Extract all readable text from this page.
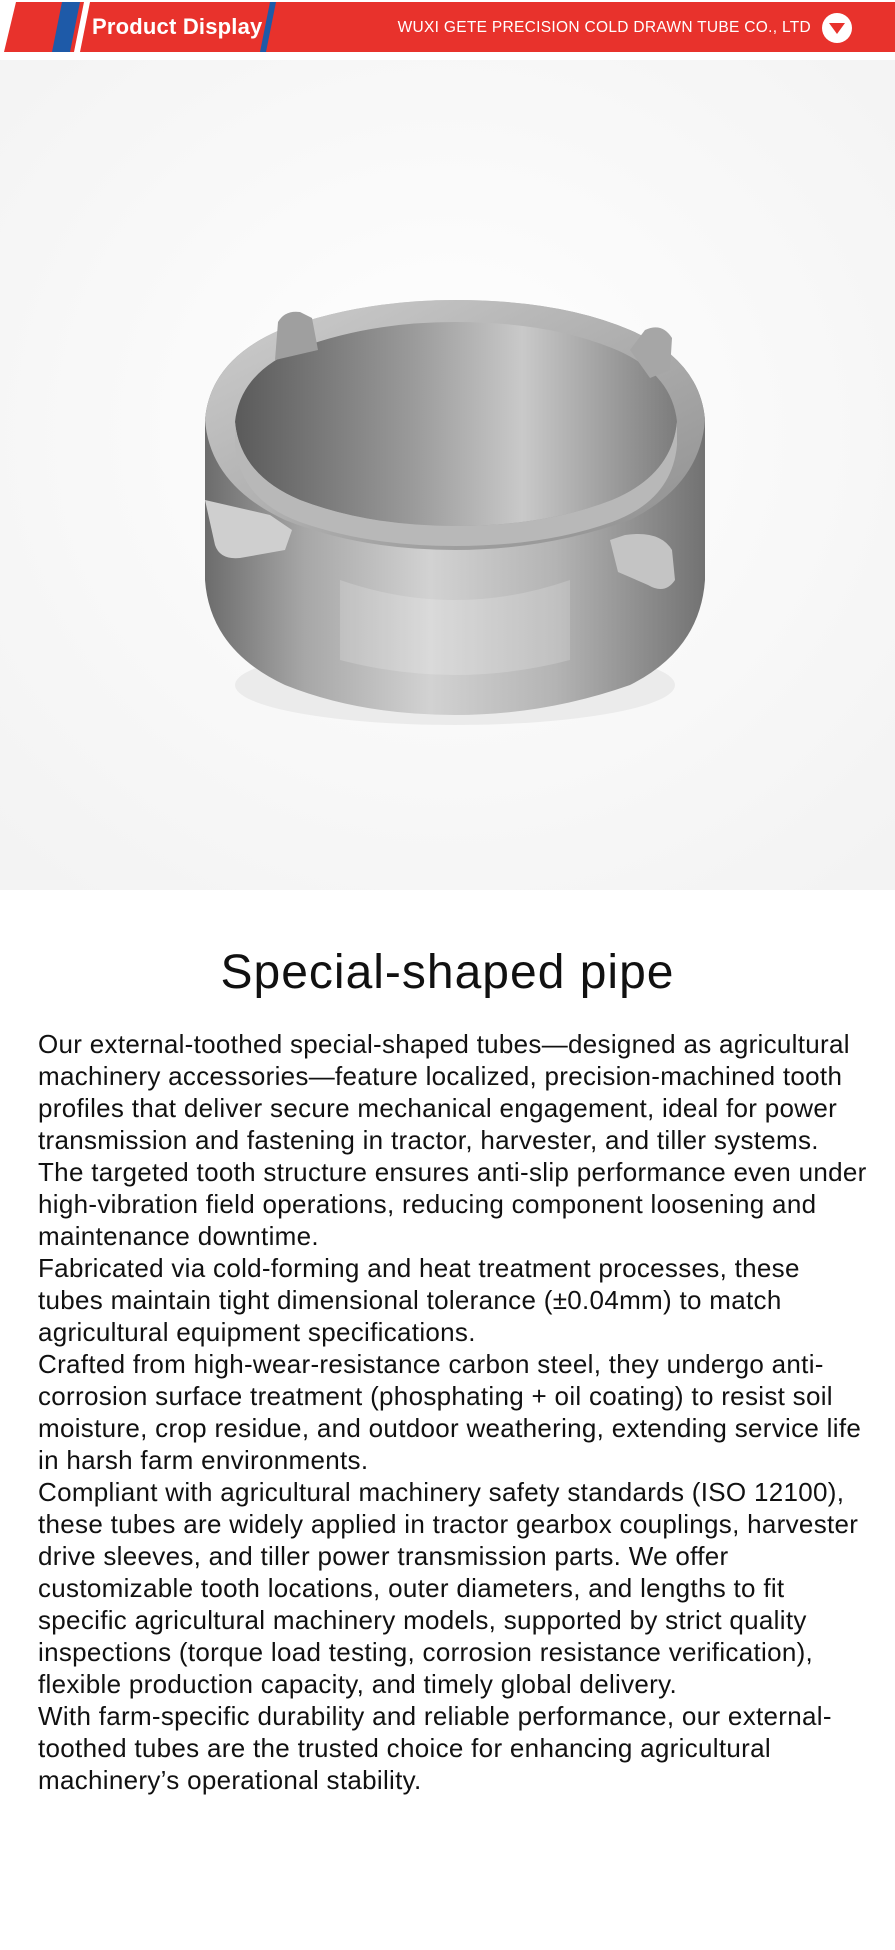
Product Display	WUXI GETE PRECISION COLD DRAWN TUBE CO., LTD
Special-shaped pipe

Our external-toothed special-shaped tubes—designed as agricultural machinery accessories—feature localized, precision-machined tooth profiles that deliver secure mechanical engagement, ideal for power transmission and fastening in tractor, harvester, and tiller systems. The targeted tooth structure ensures anti-slip performance even under high-vibration field operations, reducing component loosening and maintenance downtime.

Fabricated via cold-forming and heat treatment processes, these tubes maintain tight dimensional tolerance (±0.04mm) to match agricultural equipment specifications.

Crafted from high-wear-resistance carbon steel, they undergo anti-corrosion surface treatment (phosphating + oil coating) to resist soil moisture, crop residue, and outdoor weathering, extending service life in harsh farm environments.

Compliant with agricultural machinery safety standards (ISO 12100), these tubes are widely applied in tractor gearbox couplings, harvester drive sleeves, and tiller power transmission parts. We offer customizable tooth locations, outer diameters, and lengths to fit specific agricultural machinery models, supported by strict quality inspections (torque load testing, corrosion resistance verification), flexible production capacity, and timely global delivery.

With farm-specific durability and reliable performance, our external-toothed tubes are the trusted choice for enhancing agricultural machinery’s operational stability.
